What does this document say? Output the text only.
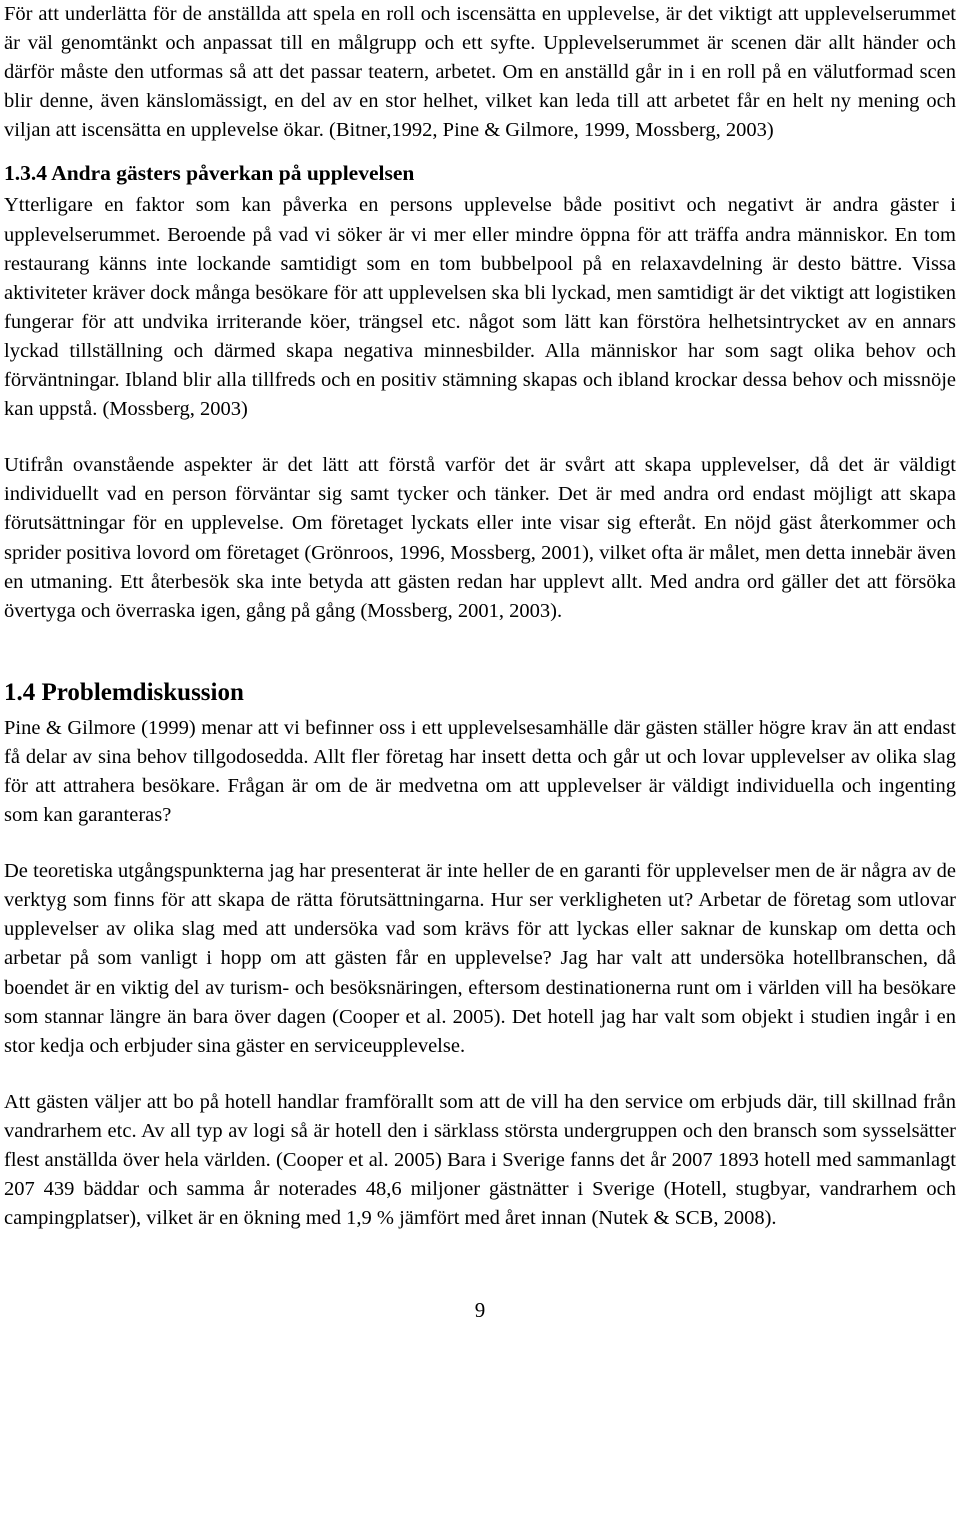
För att underlätta för de anställda att spela en roll och iscensätta en upplevelse, är det viktigt att upplevelserummet är väl genomtänkt och anpassat till en målgrupp och ett syfte. Upplevelserummet är scenen där allt händer och därför måste den utformas så att det passar teatern, arbetet. Om en anställd går in i en roll på en välutformad scen blir denne, även känslomässigt, en del av en stor helhet, vilket kan leda till att arbetet får en helt ny mening och viljan att iscensätta en upplevelse ökar. (Bitner,1992, Pine & Gilmore, 1999, Mossberg, 2003)

1.3.4 Andra gästers påverkan på upplevelsen

Ytterligare en faktor som kan påverka en persons upplevelse både positivt och negativt är andra gäster i upplevelserummet. Beroende på vad vi söker är vi mer eller mindre öppna för att träffa andra människor. En tom restaurang känns inte lockande samtidigt som en tom bubbelpool på en relaxavdelning är desto bättre. Vissa aktiviteter kräver dock många besökare för att upplevelsen ska bli lyckad, men samtidigt är det viktigt att logistiken fungerar för att undvika irriterande köer, trängsel etc. något som lätt kan förstöra helhetsintrycket av en annars lyckad tillställning och därmed skapa negativa minnesbilder. Alla människor har som sagt olika behov och förväntningar. Ibland blir alla tillfreds och en positiv stämning skapas och ibland krockar dessa behov och missnöje kan uppstå. (Mossberg, 2003)

Utifrån ovanstående aspekter är det lätt att förstå varför det är svårt att skapa upplevelser, då det är väldigt individuellt vad en person förväntar sig samt tycker och tänker. Det är med andra ord endast möjligt att skapa förutsättningar för en upplevelse. Om företaget lyckats eller inte visar sig efteråt. En nöjd gäst återkommer och sprider positiva lovord om företaget (Grönroos, 1996, Mossberg, 2001), vilket ofta är målet, men detta innebär även en utmaning. Ett återbesök ska inte betyda att gästen redan har upplevt allt. Med andra ord gäller det att försöka övertyga och överraska igen, gång på gång (Mossberg, 2001, 2003).

1.4 Problemdiskussion

Pine & Gilmore (1999) menar att vi befinner oss i ett upplevelsesamhälle där gästen ställer högre krav än att endast få delar av sina behov tillgodosedda. Allt fler företag har insett detta och går ut och lovar upplevelser av olika slag för att attrahera besökare. Frågan är om de är medvetna om att upplevelser är väldigt individuella och ingenting som kan garanteras?

De teoretiska utgångspunkterna jag har presenterat är inte heller de en garanti för upplevelser men de är några av de verktyg som finns för att skapa de rätta förutsättningarna. Hur ser verkligheten ut? Arbetar de företag som utlovar upplevelser av olika slag med att undersöka vad som krävs för att lyckas eller saknar de kunskap om detta och arbetar på som vanligt i hopp om att gästen får en upplevelse? Jag har valt att undersöka hotellbranschen, då boendet är en viktig del av turism- och besöksnäringen, eftersom destinationerna runt om i världen vill ha besökare som stannar längre än bara över dagen (Cooper et al. 2005). Det hotell jag har valt som objekt i studien ingår i en stor kedja och erbjuder sina gäster en serviceupplevelse.

Att gästen väljer att bo på hotell handlar framförallt som att de vill ha den service om erbjuds där, till skillnad från vandrarhem etc. Av all typ av logi så är hotell den i särklass största undergruppen och den bransch som sysselsätter flest anställda över hela världen. (Cooper et al. 2005) Bara i Sverige fanns det år 2007 1893 hotell med sammanlagt 207 439 bäddar och samma år noterades 48,6 miljoner gästnätter i Sverige (Hotell, stugbyar, vandrarhem och campingplatser), vilket är en ökning med 1,9 % jämfört med året innan (Nutek & SCB, 2008).

9
